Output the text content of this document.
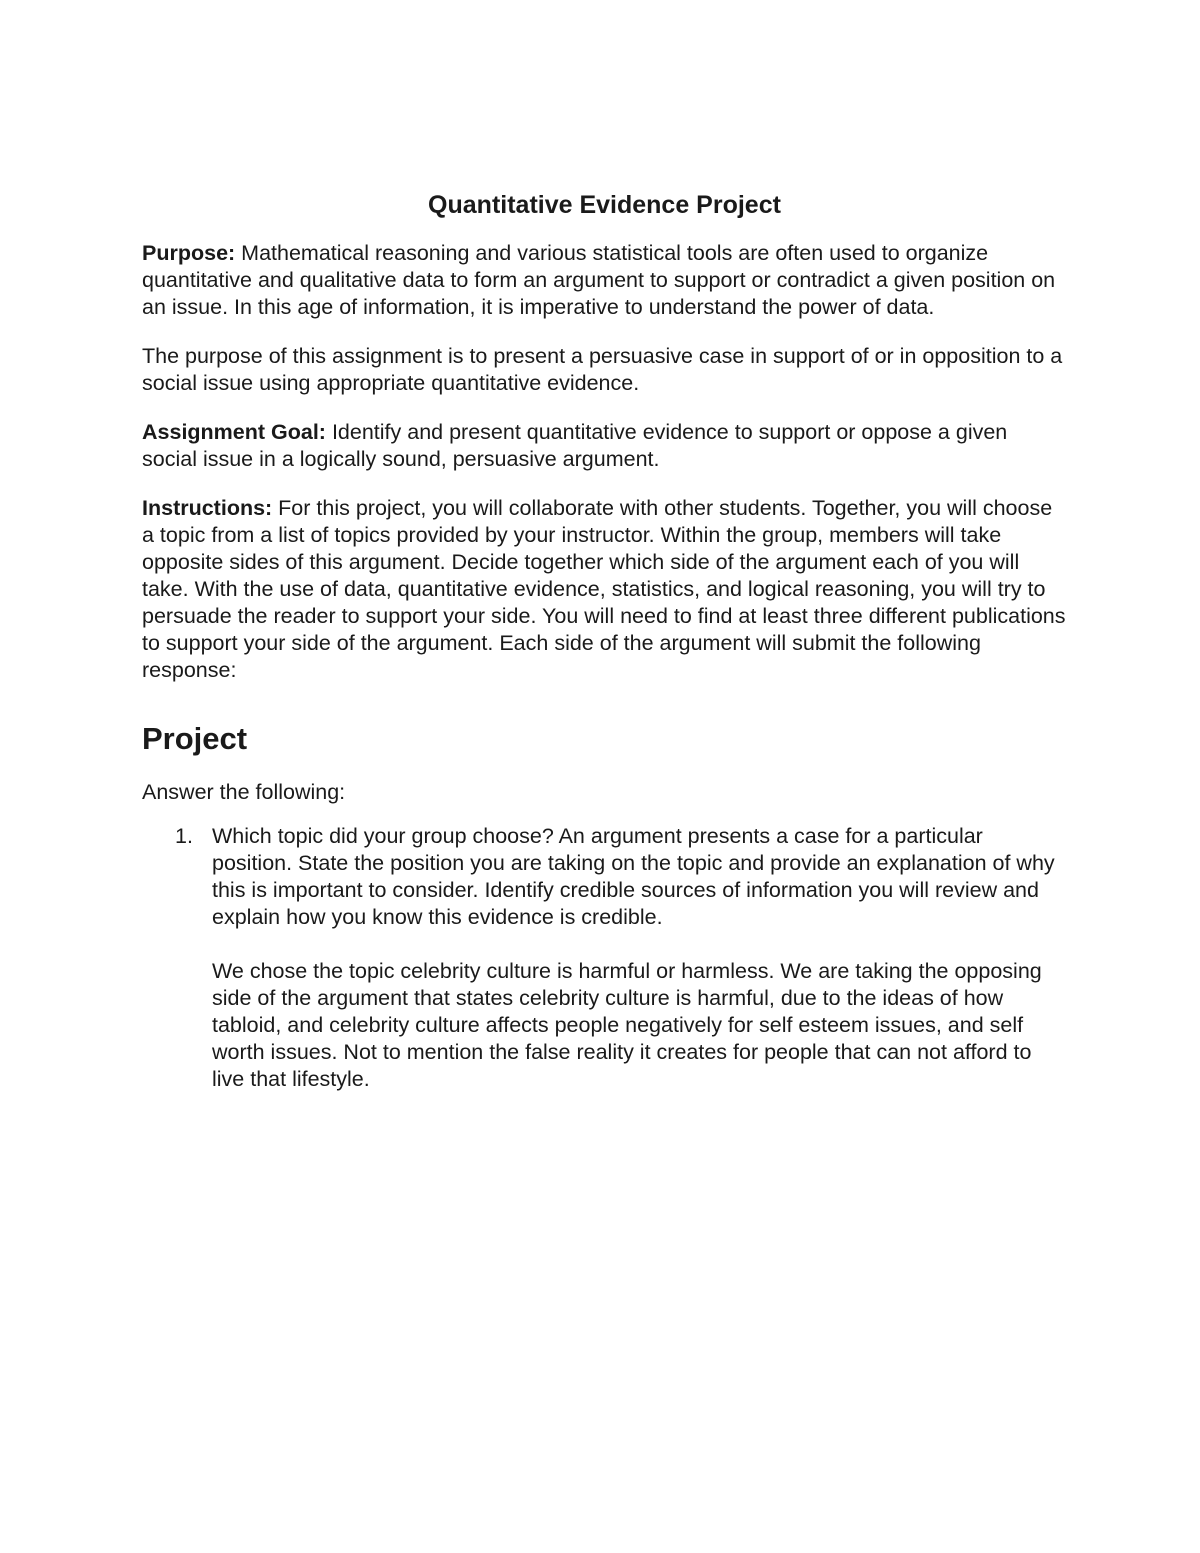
Quantitative Evidence Project

Purpose: Mathematical reasoning and various statistical tools are often used to organize quantitative and qualitative data to form an argument to support or contradict a given position on an issue. In this age of information, it is imperative to understand the power of data.

The purpose of this assignment is to present a persuasive case in support of or in opposition to a social issue using appropriate quantitative evidence.

Assignment Goal: Identify and present quantitative evidence to support or oppose a given social issue in a logically sound, persuasive argument.

Instructions: For this project, you will collaborate with other students. Together, you will choose a topic from a list of topics provided by your instructor. Within the group, members will take opposite sides of this argument. Decide together which side of the argument each of you will take. With the use of data, quantitative evidence, statistics, and logical reasoning, you will try to persuade the reader to support your side. You will need to find at least three different publications to support your side of the argument. Each side of the argument will submit the following response:

Project

Answer the following:

1. Which topic did your group choose? An argument presents a case for a particular position. State the position you are taking on the topic and provide an explanation of why this is important to consider. Identify credible sources of information you will review and explain how you know this evidence is credible.

We chose the topic celebrity culture is harmful or harmless. We are taking the opposing side of the argument that states celebrity culture is harmful, due to the ideas of how tabloid, and celebrity culture affects people negatively for self esteem issues, and self worth issues. Not to mention the false reality it creates for people that can not afford to live that lifestyle.
